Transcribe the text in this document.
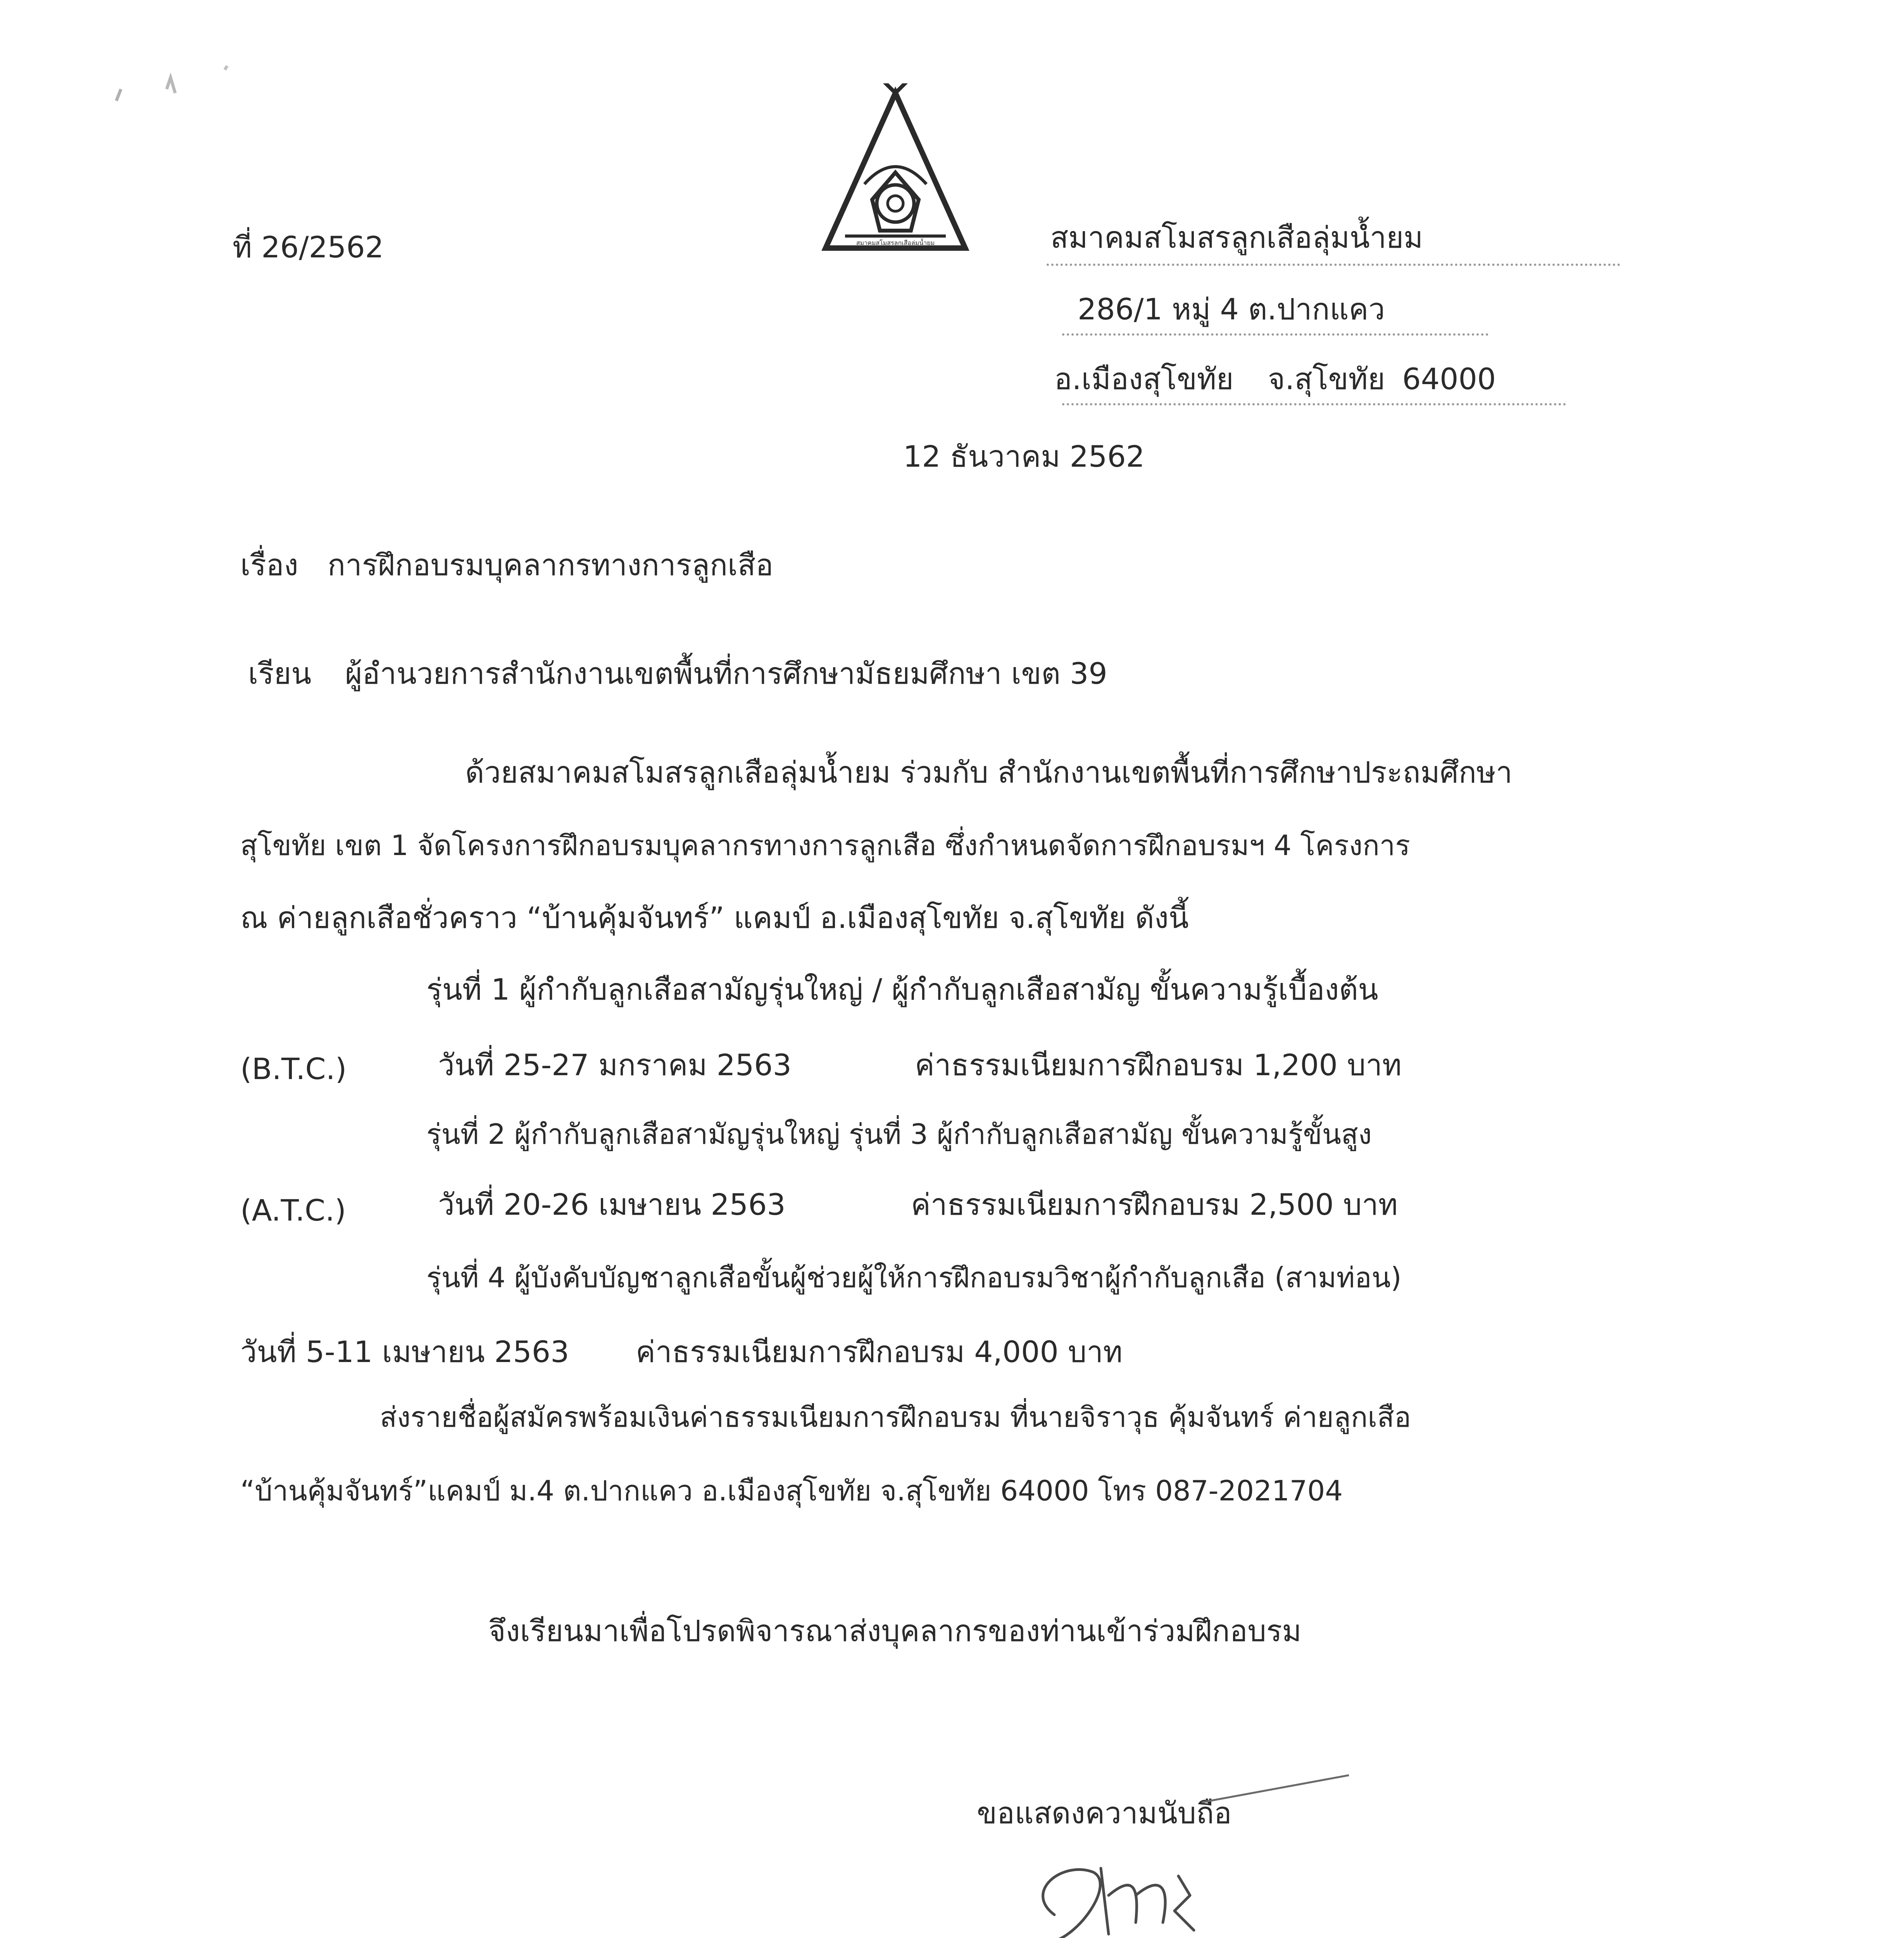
สมาคมสโมสรลูกเสือลุ่มน้ำยม
ที่ 26/2562	สมาคมสโมสรลูกเสือลุ่มน้ำยม
286/1 หมู่ 4 ต.ปากแคว
อ.เมืองสุโขทัย จ.สุโขทัย 64000
12 ธันวาคม 2562
เรื่อง การฝึกอบรมบุคลากรทางการลูกเสือ
เรียน ผู้อำนวยการสำนักงานเขตพื้นที่การศึกษามัธยมศึกษา เขต 39
ด้วยสมาคมสโมสรลูกเสือลุ่มน้ำยม ร่วมกับ สำนักงานเขตพื้นที่การศึกษาประถมศึกษา
สุโขทัย เขต 1 จัดโครงการฝึกอบรมบุคลากรทางการลูกเสือ ซึ่งกำหนดจัดการฝึกอบรมฯ 4 โครงการ
ณ ค่ายลูกเสือชั่วคราว “บ้านคุ้มจันทร์” แคมป์ อ.เมืองสุโขทัย จ.สุโขทัย ดังนี้
รุ่นที่ 1 ผู้กำกับลูกเสือสามัญรุ่นใหญ่ / ผู้กำกับลูกเสือสามัญ ขั้นความรู้เบื้องต้น
(B.T.C.)	วันที่ 25-27 มกราคม 2563	ค่าธรรมเนียมการฝึกอบรม 1,200 บาท
รุ่นที่ 2 ผู้กำกับลูกเสือสามัญรุ่นใหญ่ รุ่นที่ 3 ผู้กำกับลูกเสือสามัญ ขั้นความรู้ขั้นสูง
(A.T.C.)	วันที่ 20-26 เมษายน 2563	ค่าธรรมเนียมการฝึกอบรม 2,500 บาท
รุ่นที่ 4 ผู้บังคับบัญชาลูกเสือขั้นผู้ช่วยผู้ให้การฝึกอบรมวิชาผู้กำกับลูกเสือ (สามท่อน)
วันที่ 5-11 เมษายน 2563 ค่าธรรมเนียมการฝึกอบรม 4,000 บาท
ส่งรายชื่อผู้สมัครพร้อมเงินค่าธรรมเนียมการฝึกอบรม ที่นายจิราวุธ คุ้มจันทร์ ค่ายลูกเสือ
“บ้านคุ้มจันทร์”แคมป์ ม.4 ต.ปากแคว อ.เมืองสุโขทัย จ.สุโขทัย 64000 โทร 087-2021704
จึงเรียนมาเพื่อโปรดพิจารณาส่งบุคลากรของท่านเข้าร่วมฝึกอบรม
ขอแสดงความนับถือ
